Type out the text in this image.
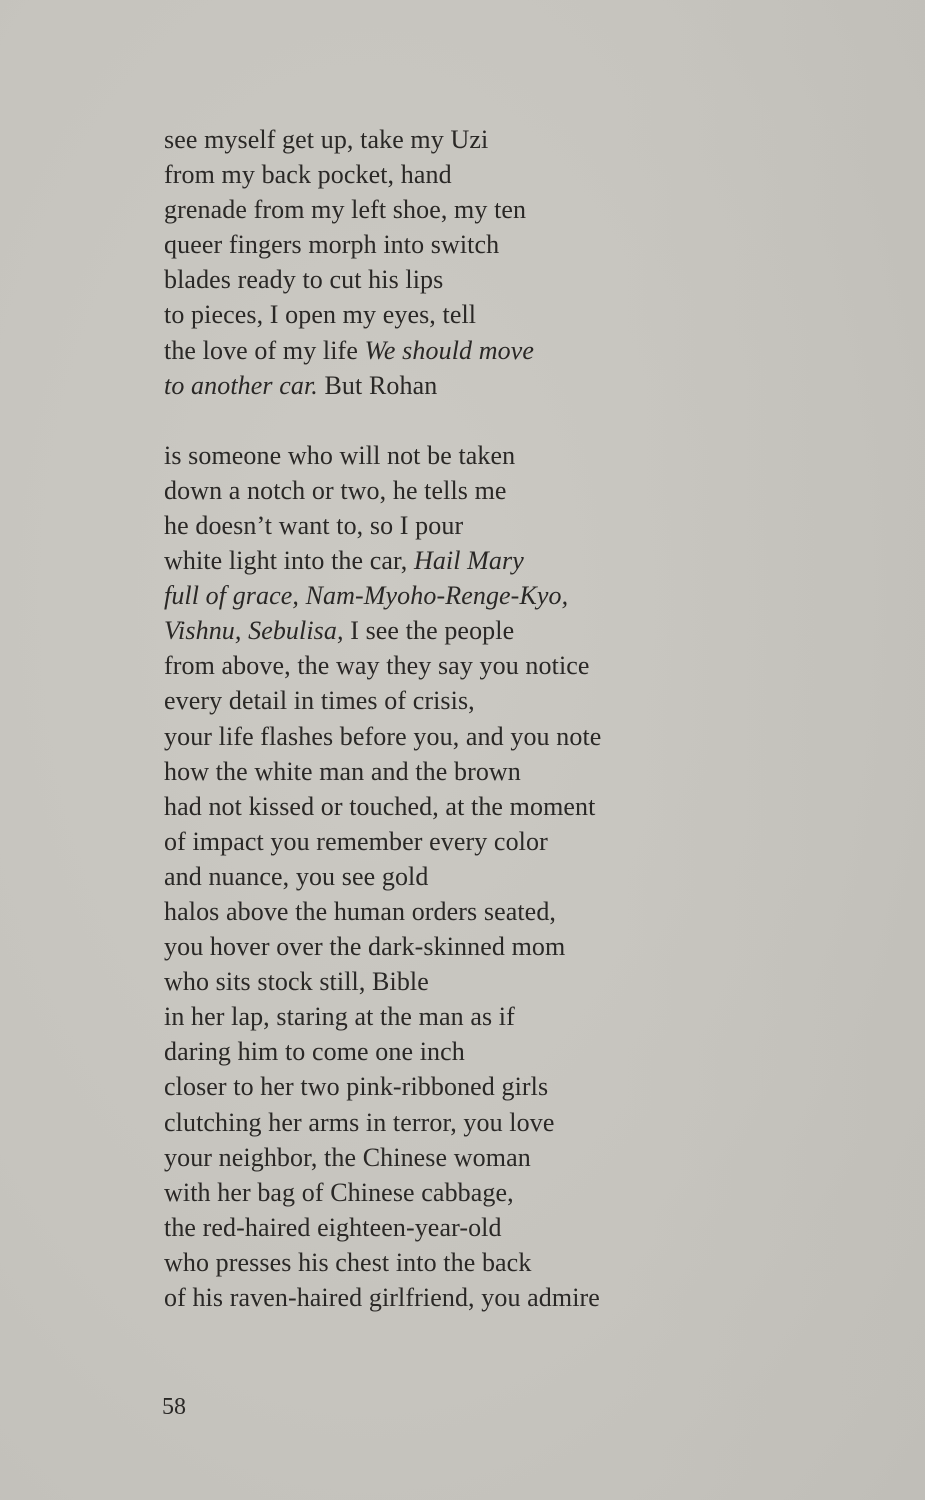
see myself get up, take my Uzi
from my back pocket, hand
grenade from my left shoe, my ten
queer fingers morph into switch
blades ready to cut his lips
to pieces, I open my eyes, tell
the love of my life We should move
to another car. But Rohan
is someone who will not be taken
down a notch or two, he tells me
he doesn’t want to, so I pour
white light into the car, Hail Mary
full of grace, Nam-Myoho-Renge-Kyo,
Vishnu, Sebulisa, I see the people
from above, the way they say you notice
every detail in times of crisis,
your life flashes before you, and you note
how the white man and the brown
had not kissed or touched, at the moment
of impact you remember every color
and nuance, you see gold
halos above the human orders seated,
you hover over the dark-skinned mom
who sits stock still, Bible
in her lap, staring at the man as if
daring him to come one inch
closer to her two pink-ribboned girls
clutching her arms in terror, you love
your neighbor, the Chinese woman
with her bag of Chinese cabbage,
the red-haired eighteen-year-old
who presses his chest into the back
of his raven-haired girlfriend, you admire
58
